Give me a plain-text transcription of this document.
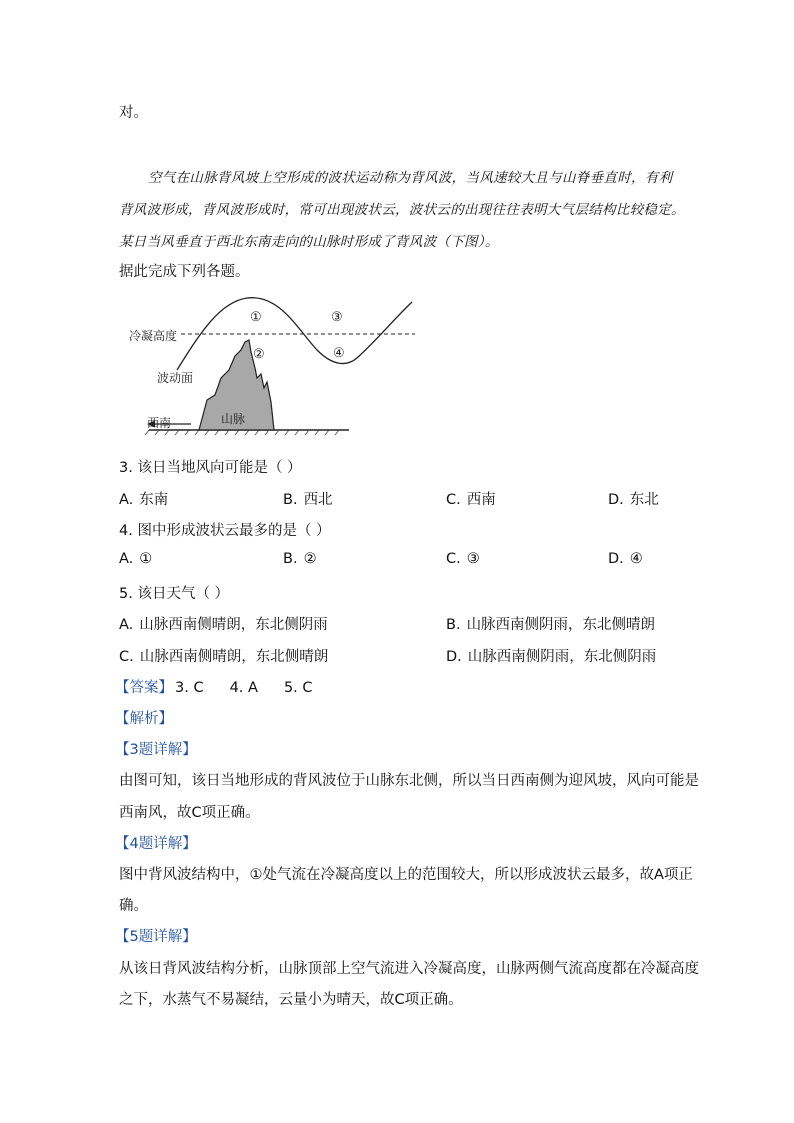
对。
空气在山脉背风坡上空形成的波状运动称为背风波，当风速较大且与山脊垂直时，有利
背风波形成，背风波形成时，常可出现波状云，波状云的出现往往表明大气层结构比较稳定。
某日当风垂直于西北东南走向的山脉时形成了背风波（下图）。
据此完成下列各题。
冷凝高度
波动面
山脉
西南
①
②
③
④
3. 该日当地风向可能是（ ）
A. 东南	B. 西北	C. 西南	D. 东北
4. 图中形成波状云最多的是（ ）
A. ①	B. ②	C. ③	D. ④
5. 该日天气（ ）
A. 山脉西南侧晴朗，东北侧阴雨	B. 山脉西南侧阴雨，东北侧晴朗
C. 山脉西南侧晴朗，东北侧晴朗	D. 山脉西南侧阴雨，东北侧阴雨
【答案】 3. C 4. A 5. C
【解析】
【3题详解】
由图可知，该日当地形成的背风波位于山脉东北侧，所以当日西南侧为迎风坡，风向可能是
西南风，故C项正确。
【4题详解】
图中背风波结构中，①处气流在冷凝高度以上的范围较大，所以形成波状云最多，故A项正
确。
【5题详解】
从该日背风波结构分析，山脉顶部上空气流进入冷凝高度，山脉两侧气流高度都在冷凝高度
之下，水蒸气不易凝结，云量小为晴天，故C项正确。
